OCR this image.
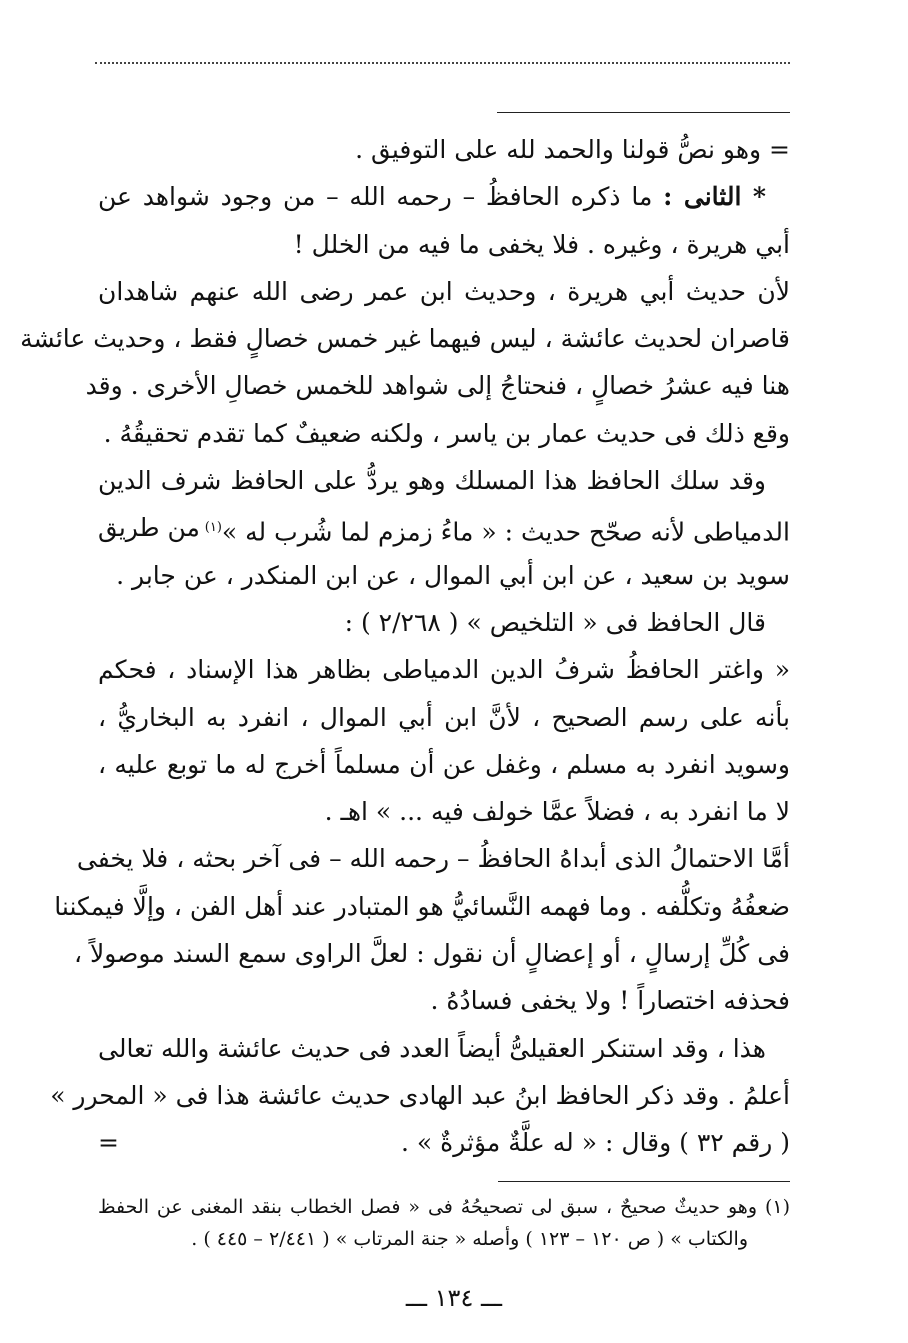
= وهو نصُّ قولنا والحمد لله على التوفيق .
* الثانى : ما ذكره الحافظُ – رحمه الله – من وجود شواهد عن
أبي هريرة ، وغيره . فلا يخفى ما فيه من الخلل !
لأن حديث أبي هريرة ، وحديث ابن عمر رضى الله عنهم شاهدان
قاصران لحديث عائشة ، ليس فيهما غير خمس خصالٍ فقط ، وحديث عائشة
هنا فيه عشرُ خصالٍ ، فنحتاجُ إلى شواهد للخمس خصالِ الأخرى . وقد
وقع ذلك فى حديث عمار بن ياسر ، ولكنه ضعيفٌ كما تقدم تحقيقُهُ .
وقد سلك الحافظ هذا المسلك وهو يردُّ على الحافظ شرف الدين
الدمياطى لأنه صحّح حديث : « ماءُ زمزم لما شُرب له »$^{(١)}$
من طريق
سويد بن سعيد ، عن ابن أبي الموال ، عن ابن المنكدر ، عن جابر .
قال الحافظ فى « التلخيص » ( ٢/٢٦٨ ) :
« واغتر الحافظُ شرفُ الدين الدمياطى بظاهر هذا الإسناد ، فحكم
بأنه على رسم الصحيح ، لأنَّ ابن أبي الموال ، انفرد به البخاريُّ ،
وسويد انفرد به مسلم ، وغفل عن أن مسلماً أخرج له ما توبع عليه ،
لا ما انفرد به ، فضلاً عمَّا خولف فيه ... » اهـ .
أمَّا الاحتمالُ الذى أبداهُ الحافظُ – رحمه الله – فى آخر بحثه ، فلا يخفى
ضعفُهُ وتكلُّفه . وما فهمه النَّسائيُّ هو المتبادر عند أهل الفن ، وإلَّا فيمكننا
فى كُلِّ إرسالٍ ، أو إعضالٍ أن نقول : لعلَّ الراوى سمع السند موصولاً ،
فحذفه اختصاراً ! ولا يخفى فسادُهُ .
هذا ، وقد استنكر العقيلىُّ أيضاً العدد فى حديث عائشة والله تعالى
أعلمُ . وقد ذكر الحافظ ابنُ عبد الهادى حديث عائشة هذا فى « المحرر »
( رقم ٣٢ ) وقال : « له علَّةٌ مؤثرةٌ » .
=
(١) وهو حديثٌ صحيحٌ ، سبق لى تصحيحُهُ فى « فصل الخطاب بنقد المغنى عن الحفظ
والكتاب » ( ص ١٢٠ – ١٢٣ ) وأصله « جنة المرتاب » ( ٢/٤٤١ – ٤٤٥ ) .
ـــ ١٣٤ ـــ
